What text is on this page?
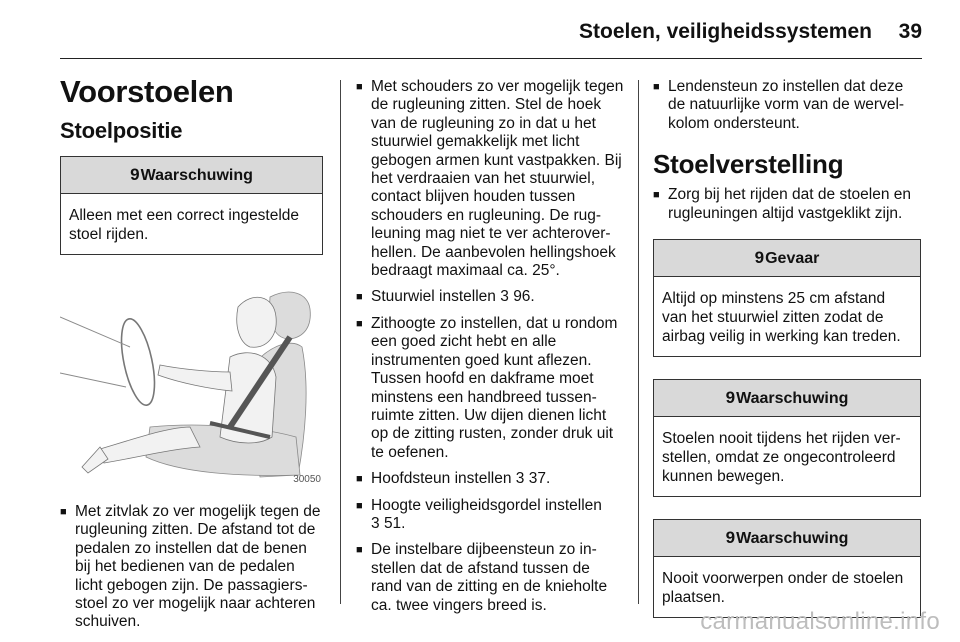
Stoelen, veiligheidssystemen 39
Voorstoelen
Stoelpositie
9Waarschuwing
Alleen met een correct ingestelde stoel rijden.
30050
■ Met zitvlak zo ver mogelijk tegen de rugleuning zitten. De afstand tot de pedalen zo instellen dat de benen bij het bedienen van de pedalen licht gebogen zijn. De passagiersstoel zo ver mogelijk naar achteren schuiven.
■ Met schouders zo ver mogelijk tegen de rugleuning zitten. Stel de hoek van de rugleuning zo in dat u het stuurwiel gemakkelijk met licht gebogen armen kunt vastpakken. Bij het verdraaien van het stuurwiel, contact blijven houden tussen schouders en rugleuning. De rugleuning mag niet te ver achteroverhellen. De aanbevolen hellingshoek bedraagt maximaal ca. 25°.
■ Stuurwiel instellen 3 96.
■ Zithoogte zo instellen, dat u rondom een goed zicht hebt en alle instrumenten goed kunt aflezen. Tussen hoofd en dakframe moet minstens een handbreed tussenruimte zitten. Uw dijen dienen licht op de zitting rusten, zonder druk uit te oefenen.
■ Hoofdsteun instellen 3 37.
■ Hoogte veiligheidsgordel instellen
3 51.
■ De instelbare dijbeensteun zo instellen dat de afstand tussen de rand van de zitting en de knieholte ca. twee vingers breed is.
■ Lendensteun zo instellen dat deze de natuurlijke vorm van de wervelkolom ondersteunt.
Stoelverstelling
■ Zorg bij het rijden dat de stoelen en rugleuningen altijd vastgeklikt zijn.
9Gevaar
Altijd op minstens 25 cm afstand van het stuurwiel zitten zodat de airbag veilig in werking kan treden.
9Waarschuwing
Stoelen nooit tijdens het rijden verstellen, omdat ze ongecontroleerd kunnen bewegen.
9Waarschuwing
Nooit voorwerpen onder de stoelen plaatsen.
carmanualsonline.info
